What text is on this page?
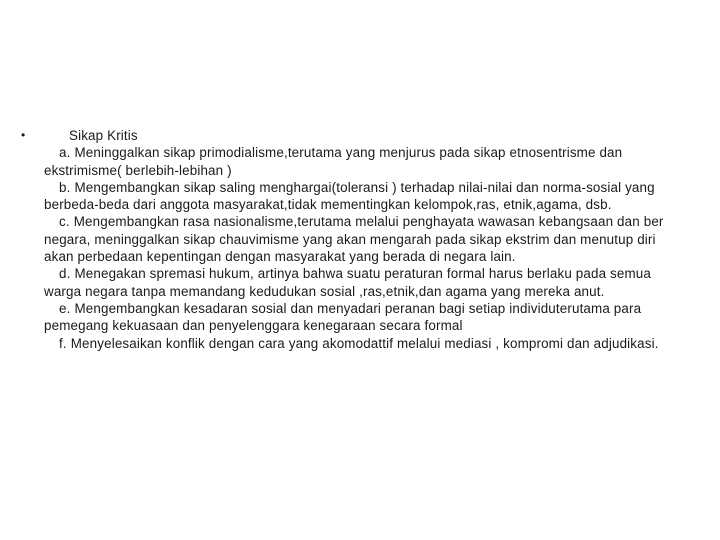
•	Sikap Kritis
a. Meninggalkan sikap primodialisme,terutama yang menjurus pada sikap etnosentrisme dan ekstrimisme( berlebih-lebihan )
b. Mengembangkan sikap saling menghargai(toleransi ) terhadap nilai-nilai dan norma-sosial yang berbeda-beda dari anggota masyarakat,tidak mementingkan kelompok,ras, etnik,agama, dsb.
c. Mengembangkan rasa nasionalisme,terutama melalui penghayata wawasan kebangsaan dan ber negara, meninggalkan sikap chauvimisme yang akan mengarah pada sikap ekstrim dan menutup diri akan perbedaan kepentingan dengan masyarakat yang berada di negara lain.
d. Menegakan spremasi hukum, artinya bahwa suatu peraturan formal harus berlaku pada semua warga negara tanpa memandang kedudukan sosial ,ras,etnik,dan agama yang mereka anut.
e. Mengembangkan kesadaran sosial dan menyadari peranan bagi setiap individuterutama para pemegang kekuasaan dan penyelenggara kenegaraan secara formal
f. Menyelesaikan konflik dengan cara yang akomodattif melalui mediasi , kompromi dan adjudikasi.
